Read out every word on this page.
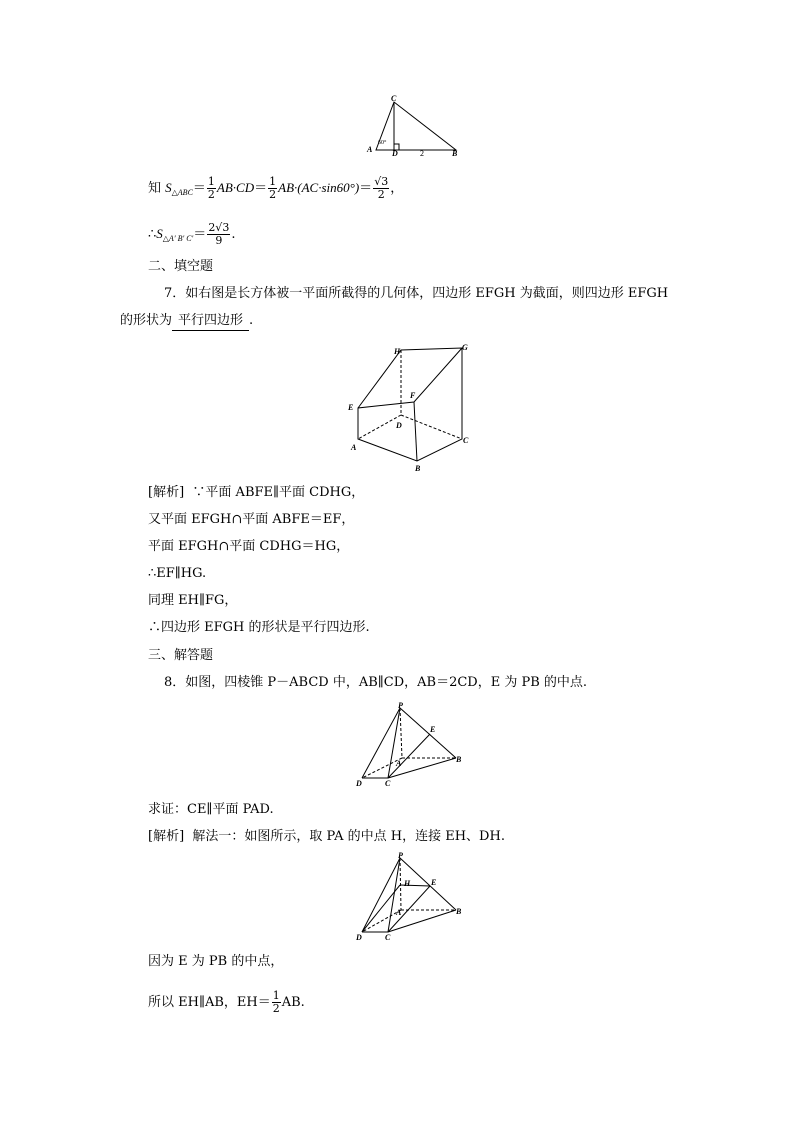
C
A D	B
60°
2
知 $S_{\triangle ABC}= \frac{1}{2} AB\cdot CD= \frac{1}{2} AB\cdot(AC\cdot\sin 60^\circ)= \frac{√3}{2}$ ，
$\therefore S_{\triangle A' B' C'}= \frac{2√3}{9}$ .
二、填空题
7．如右图是长方体被一平面所截得的几何体，四边形 EFGH 为截面，则四边形 EFGH
的形状为 平行四边形 .
H	G
E
F
D
A
C
B
[解析] ∵平面 ABFE∥平面 CDHG，
又平面 EFGH∩平面 ABFE＝EF，
平面 EFGH∩平面 CDHG＝HG，
∴EF∥HG.
同理 EH∥FG，
∴四边形 EFGH 的形状是平行四边形.
三、解答题
8．如图，四棱锥 P－ABCD 中，AB∥CD，AB＝2CD，E 为 PB 的中点.
P
E
A	B
D	C
求证：CE∥平面 PAD.
[解析] 解法一：如图所示，取 PA 的中点 H，连接 EH、DH.
P
H	E
A	B
D	C
因为 E 为 PB 的中点，
所以 EH∥AB，$EH= \frac{1}{2}$ AB.
